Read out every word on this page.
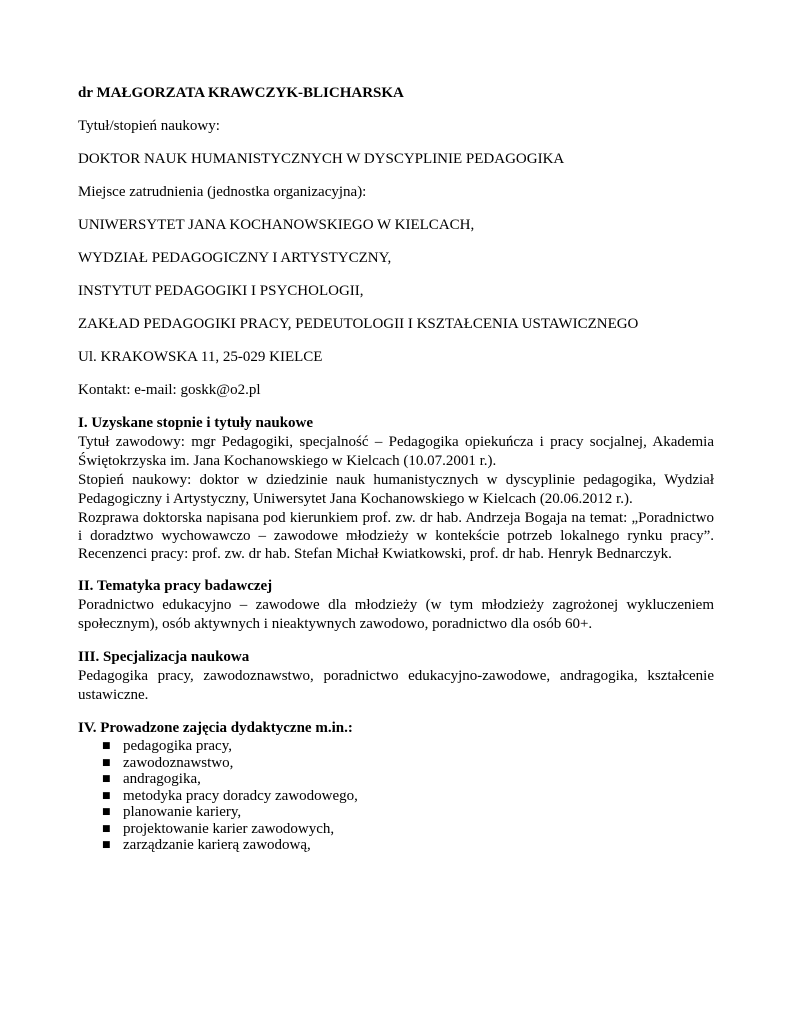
dr MAŁGORZATA KRAWCZYK-BLICHARSKA

Tytuł/stopień naukowy:

DOKTOR NAUK HUMANISTYCZNYCH W DYSCYPLINIE PEDAGOGIKA

Miejsce zatrudnienia (jednostka organizacyjna):

UNIWERSYTET JANA KOCHANOWSKIEGO W KIELCACH,

WYDZIAŁ PEDAGOGICZNY I ARTYSTYCZNY,

INSTYTUT PEDAGOGIKI I PSYCHOLOGII,

ZAKŁAD PEDAGOGIKI PRACY, PEDEUTOLOGII I KSZTAŁCENIA USTAWICZNEGO

Ul. KRAKOWSKA 11, 25-029 KIELCE

Kontakt: e-mail: goskk@o2.pl

I. Uzyskane stopnie i tytuły naukowe

Tytuł zawodowy: mgr Pedagogiki, specjalność – Pedagogika opiekuńcza i pracy socjalnej, Akademia Świętokrzyska im. Jana Kochanowskiego w Kielcach (10.07.2001 r.).

Stopień naukowy: doktor w dziedzinie nauk humanistycznych w dyscyplinie pedagogika, Wydział Pedagogiczny i Artystyczny, Uniwersytet Jana Kochanowskiego w Kielcach (20.06.2012 r.).

Rozprawa doktorska napisana pod kierunkiem prof. zw. dr hab. Andrzeja Bogaja na temat: „Poradnictwo i doradztwo wychowawczo – zawodowe młodzieży w kontekście potrzeb lokalnego rynku pracy”. Recenzenci pracy: prof. zw. dr hab. Stefan Michał Kwiatkowski, prof. dr hab. Henryk Bednarczyk.

II. Tematyka pracy badawczej

Poradnictwo edukacyjno – zawodowe dla młodzieży (w tym młodzieży zagrożonej wykluczeniem społecznym), osób aktywnych i nieaktywnych zawodowo, poradnictwo dla osób 60+.

III. Specjalizacja naukowa

Pedagogika pracy, zawodoznawstwo, poradnictwo edukacyjno-zawodowe, andragogika, kształcenie ustawiczne.

IV. Prowadzone zajęcia dydaktyczne m.in.:

■ pedagogika pracy,
■ zawodoznawstwo,
■ andragogika,
■ metodyka pracy doradcy zawodowego,
■ planowanie kariery,
■ projektowanie karier zawodowych,
■ zarządzanie karierą zawodową,
